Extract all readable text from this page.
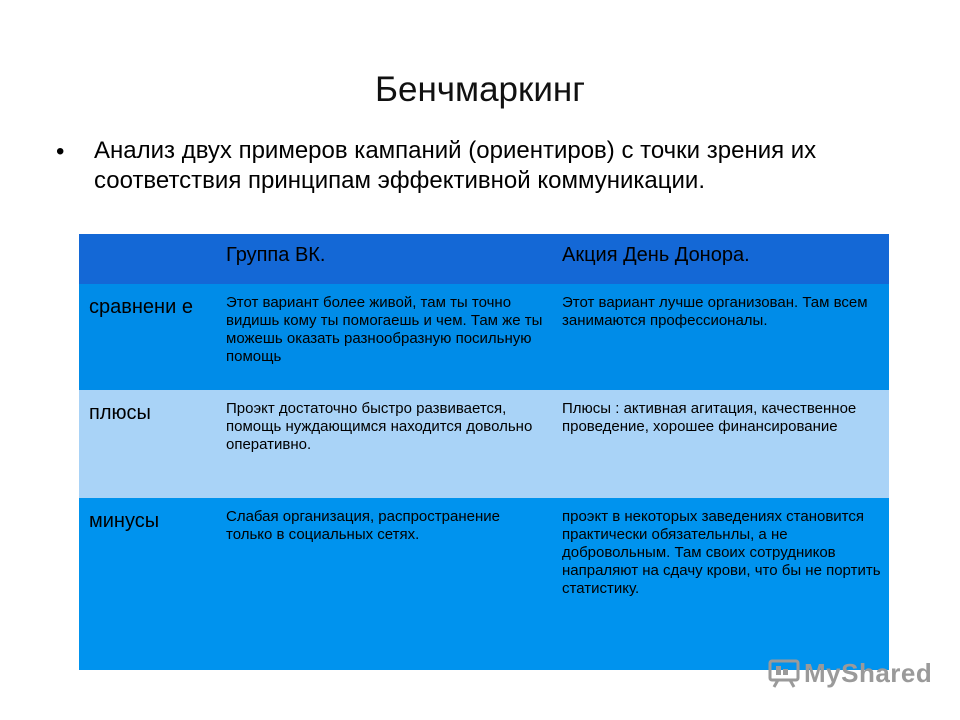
Бенчмаркинг
• Анализ двух примеров кампаний (ориентиров) с точки зрения их соответствия принципам эффективной коммуникации.
	Группа ВК.	Акция День Донора.
сравнени е	Этот вариант более живой, там ты точно видишь кому ты помогаешь и чем. Там же ты можешь оказать разнообразную посильную помощь	Этот вариант лучше организован. Там всем занимаются профессионалы.
плюсы	Проэкт достаточно быстро развивается, помощь нуждающимся находится довольно оперативно.	Плюсы : активная агитация, качественное проведение, хорошее финансирование
минусы	Слабая организация, распространение только в социальных сетях.	проэкт в некоторых заведениях становится практически обязательнлы, а не добровольным. Там своих сотрудников напраляют на сдачу крови, что бы не портить статистику.
MyShared
